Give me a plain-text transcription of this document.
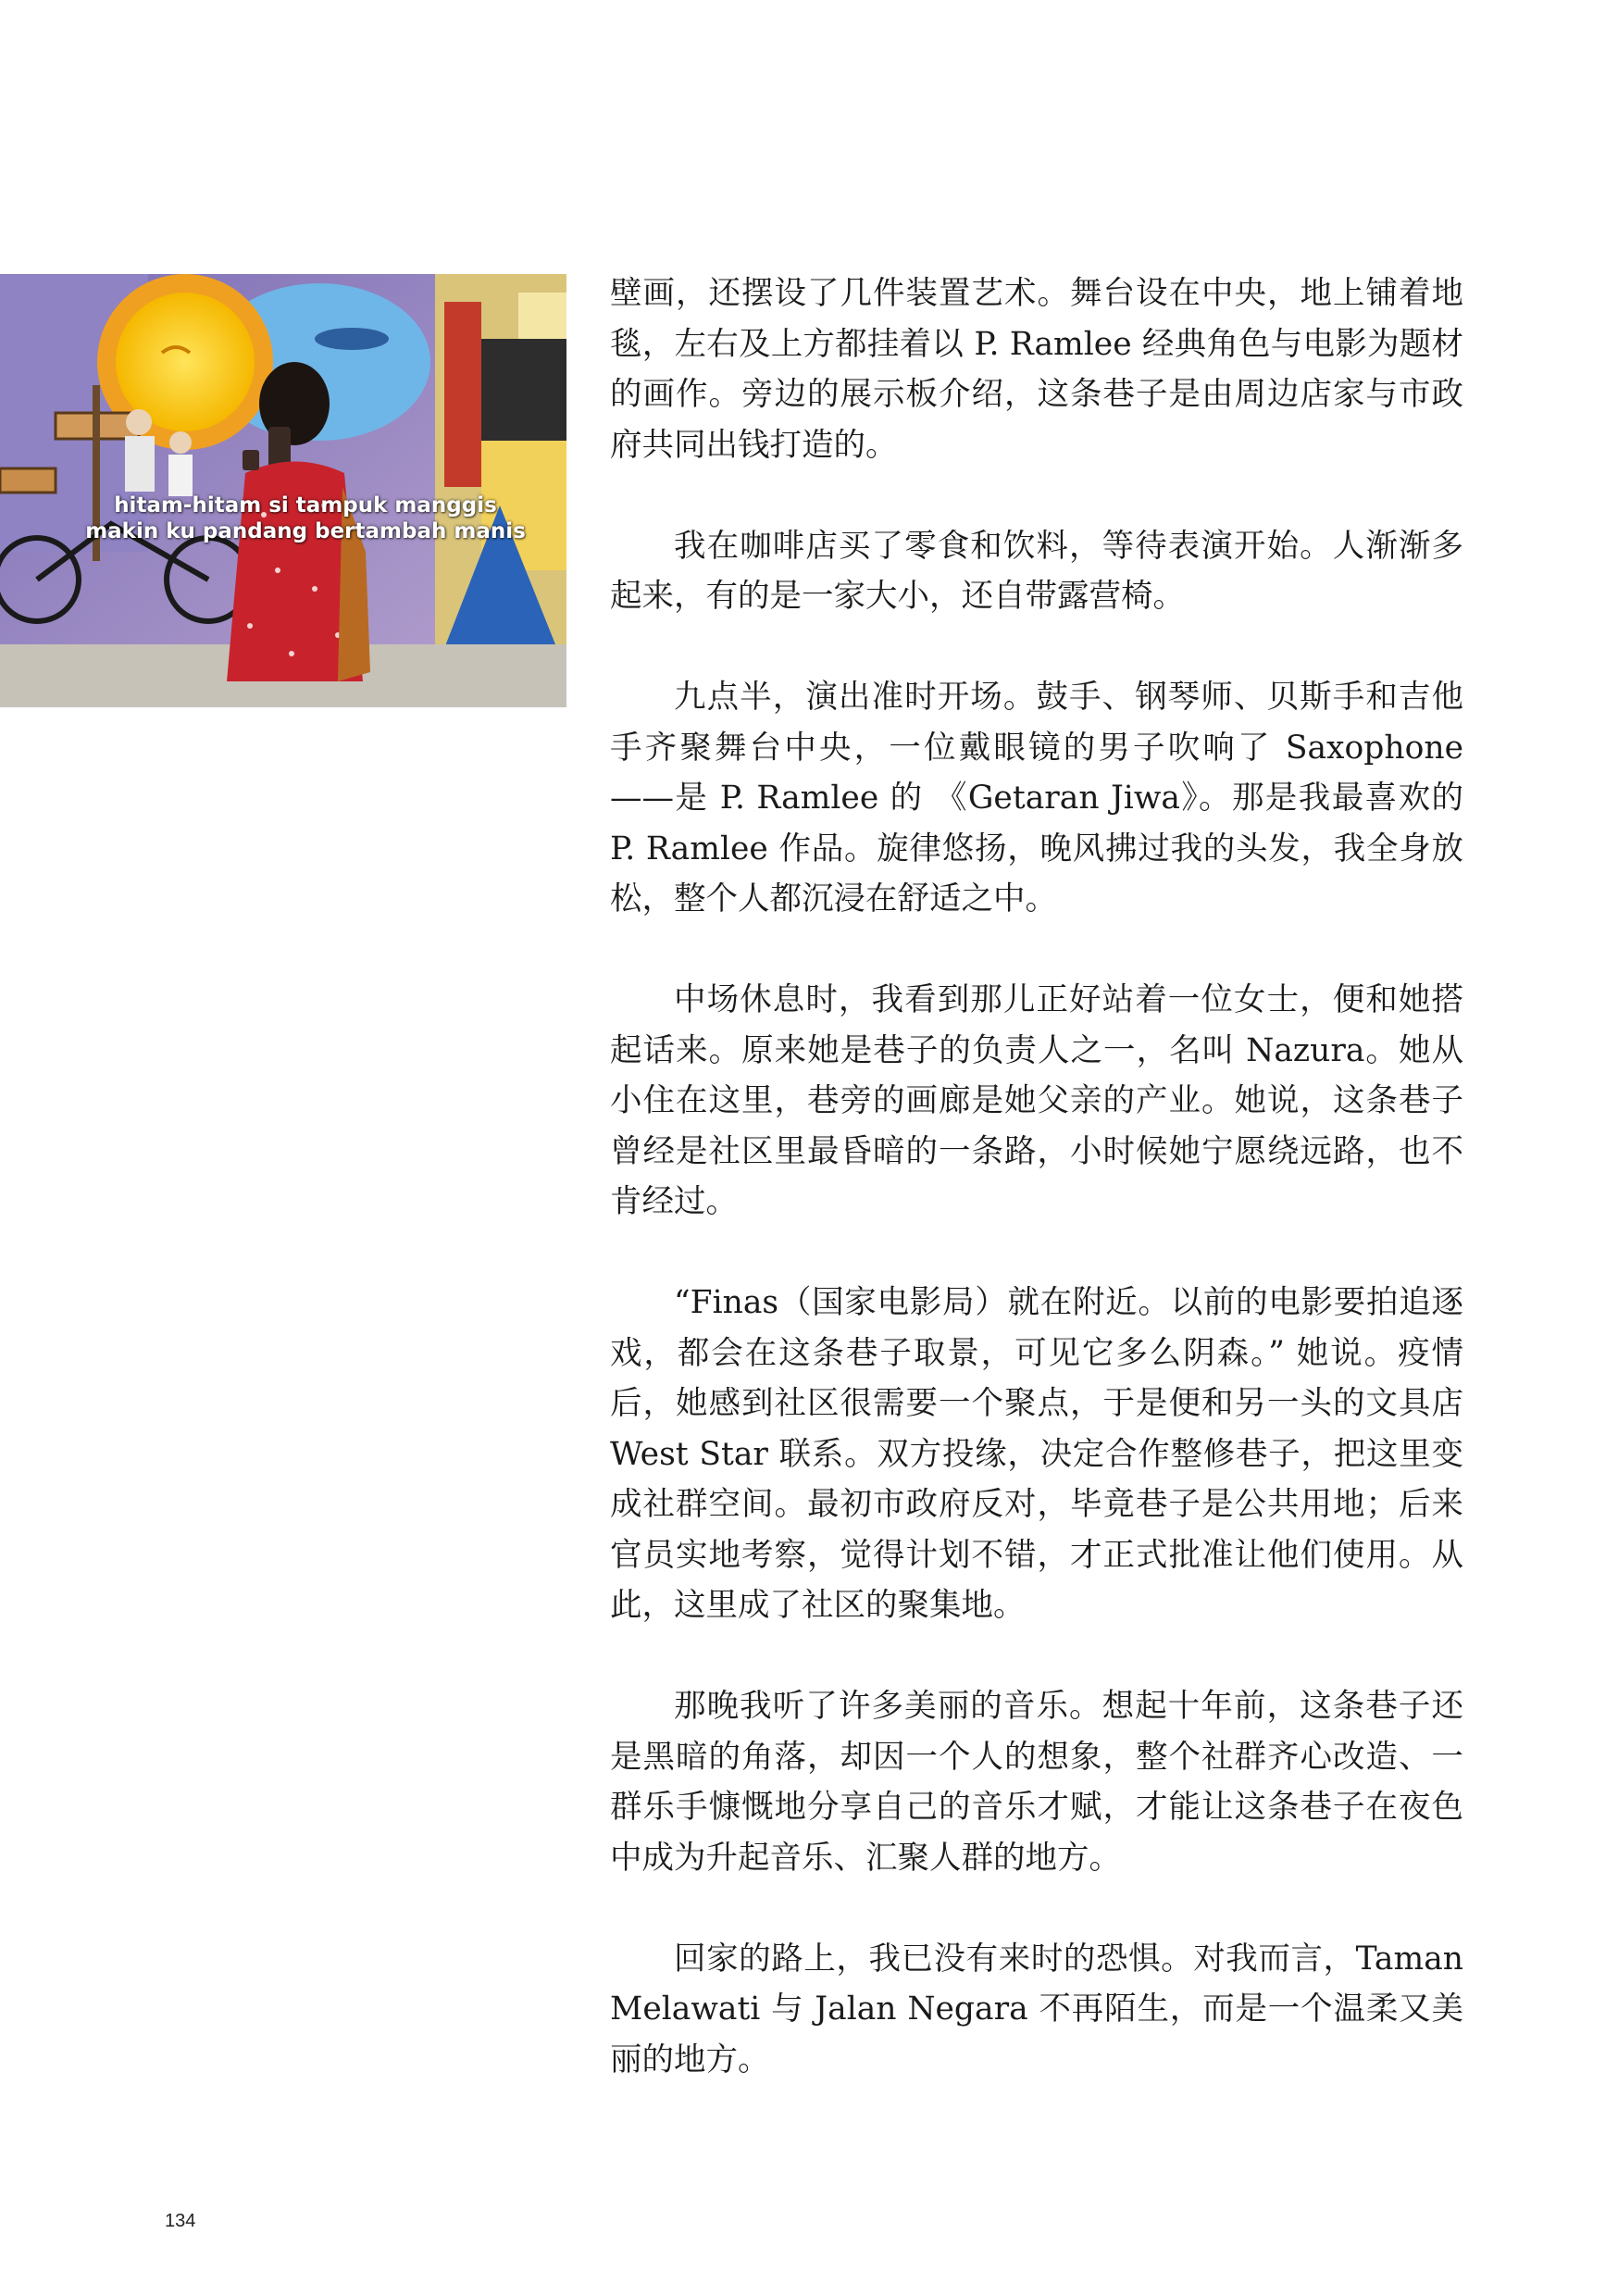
hitam-hitam si tampuk manggis
makin ku pandang bertambah manis

壁画，还摆设了几件装置艺术。舞台设在中央，地上铺着地毯，左右及上方都挂着以 P. Ramlee 经典角色与电影为题材的画作。旁边的展示板介绍，这条巷子是由周边店家与市政府共同出钱打造的。

我在咖啡店买了零食和饮料，等待表演开始。人渐渐多起来，有的是一家大小，还自带露营椅。

九点半，演出准时开场。鼓手、钢琴师、贝斯手和吉他手齐聚舞台中央，一位戴眼镜的男子吹响了 Saxophone——是 P. Ramlee 的 《Getaran Jiwa》。那是我最喜欢的 P. Ramlee 作品。旋律悠扬，晚风拂过我的头发，我全身放松，整个人都沉浸在舒适之中。

中场休息时，我看到那儿正好站着一位女士，便和她搭起话来。原来她是巷子的负责人之一，名叫 Nazura。她从小住在这里，巷旁的画廊是她父亲的产业。她说，这条巷子曾经是社区里最昏暗的一条路，小时候她宁愿绕远路，也不肯经过。

“Finas（国家电影局）就在附近。以前的电影要拍追逐戏，都会在这条巷子取景，可见它多么阴森。” 她说。疫情后，她感到社区很需要一个聚点，于是便和另一头的文具店 West Star 联系。双方投缘，决定合作整修巷子，把这里变成社群空间。最初市政府反对，毕竟巷子是公共用地；后来官员实地考察，觉得计划不错，才正式批准让他们使用。从此，这里成了社区的聚集地。

那晚我听了许多美丽的音乐。想起十年前，这条巷子还是黑暗的角落，却因一个人的想象，整个社群齐心改造、一群乐手慷慨地分享自己的音乐才赋，才能让这条巷子在夜色中成为升起音乐、汇聚人群的地方。

回家的路上，我已没有来时的恐惧。对我而言，Taman Melawati 与 Jalan Negara 不再陌生，而是一个温柔又美丽的地方。

134
